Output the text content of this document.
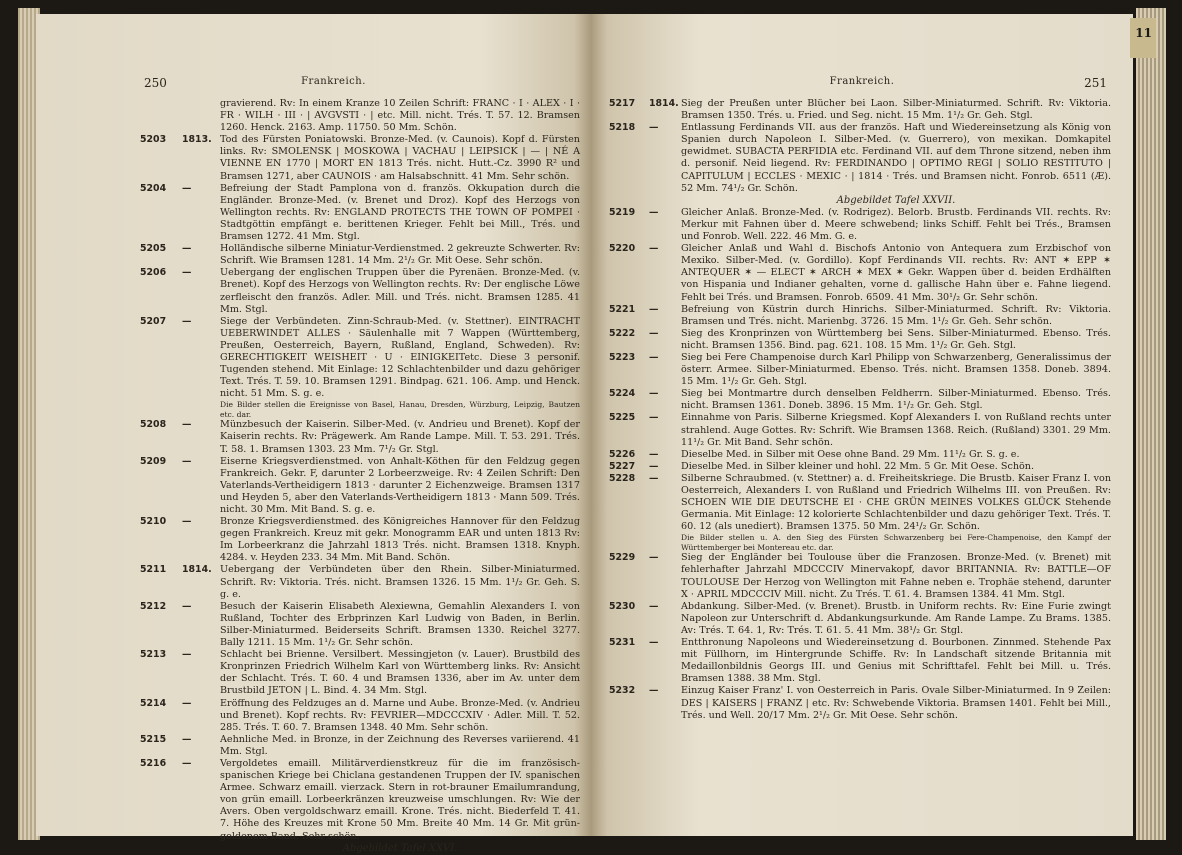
250	Frankreich.
gravierend. Rv: In einem Kranze 10 Zeilen Schrift: FRANC · I · ALEX · I · FR · WILH · III · | AVGVSTI · | etc. Mill. nicht. Trés. T. 57. 12. Bramsen 1260. Henck. 2163. Amp. 11750. 50 Mm. Schön.
5203 1813. Tod des Fürsten Poniatowski. Bronze-Med. (v. Caunois). Kopf d. Fürsten links. Rv: SMOLENSK | MOSKOWA | VACHAU | LEIPSICK | — | NÉ A VIENNE EN 1770 | MORT EN 1813 Trés. nicht. Hutt.-Cz. 3990 R² und Bramsen 1271, aber CAUNOIS · am Halsabschnitt. 41 Mm. Sehr schön.
5204 —	Befreiung der Stadt Pamplona von d. französ. Okkupation durch die Engländer. Bronze-Med. (v. Brenet und Droz). Kopf des Herzogs von Wellington rechts. Rv: ENGLAND PROTECTS THE TOWN OF POMPEI · Stadtgöttin empfängt e. berittenen Krieger. Fehlt bei Mill., Trés. und Bramsen 1272. 41 Mm. Stgl.
5205 —	Holländische silberne Miniatur-Verdienstmed. 2 gekreuzte Schwerter. Rv: Schrift. Wie Bramsen 1281. 14 Mm. 2¹/₂ Gr. Mit Oese. Sehr schön.
5206 —	Uebergang der englischen Truppen über die Pyrenäen. Bronze-Med. (v. Brenet). Kopf des Herzogs von Wellington rechts. Rv: Der englische Löwe zerfleischt den französ. Adler. Mill. und Trés. nicht. Bramsen 1285. 41 Mm. Stgl.
5207 —	Siege der Verbündeten. Zinn-Schraub-Med. (v. Stettner). EINTRACHT UEBERWINDET ALLES · Säulenhalle mit 7 Wappen (Württemberg, Preußen, Oesterreich, Bayern, Rußland, England, Schweden). Rv: GERECHTIGKEIT WEISHEIT · U · EINIGKEITetc. Diese 3 personif. Tugenden stehend. Mit Einlage: 12 Schlachtenbilder und dazu gehöriger Text. Trés. T. 59. 10. Bramsen 1291. Bindpag. 621. 106. Amp. und Henck. nicht. 51 Mm. S. g. e.
Die Bilder stellen die Ereignisse von Basel, Hanau, Dresden, Würzburg, Leipzig, Bautzen etc. dar.
5208 —	Münzbesuch der Kaiserin. Silber-Med. (v. Andrieu und Brenet). Kopf der Kaiserin rechts. Rv: Prägewerk. Am Rande Lampe. Mill. T. 53. 291. Trés. T. 58. 1. Bramsen 1303. 23 Mm. 7¹/₂ Gr. Stgl.
5209 —	Eiserne Kriegsverdienstmed. von Anhalt-Köthen für den Feldzug gegen Frankreich. Gekr. F, darunter 2 Lorbeerzweige. Rv: 4 Zeilen Schrift: Den Vaterlands-Vertheidigern 1813 · darunter 2 Eichenzweige. Bramsen 1317 und Heyden 5, aber den Vaterlands-Vertheidigern 1813 · Mann 509. Trés. nicht. 30 Mm. Mit Band. S. g. e.
5210 —	Bronze Kriegsverdienstmed. des Königreiches Hannover für den Feldzug gegen Frankreich. Kreuz mit gekr. Monogramm EAR und unten 1813 Rv: Im Lorbeerkranz die Jahrzahl 1813 Trés. nicht. Bramsen 1318. Knyph. 4284. v. Heyden 233. 34 Mm. Mit Band. Schön.
5211 1814. Uebergang der Verbündeten über den Rhein. Silber-Miniaturmed. Schrift. Rv: Viktoria. Trés. nicht. Bramsen 1326. 15 Mm. 1¹/₂ Gr. Geh. S. g. e.
5212 —	Besuch der Kaiserin Elisabeth Alexiewna, Gemahlin Alexanders I. von Rußland, Tochter des Erbprinzen Karl Ludwig von Baden, in Berlin. Silber-Miniaturmed. Beiderseits Schrift. Bramsen 1330. Reichel 3277. Bally 1211. 15 Mm. 1¹/₂ Gr. Sehr schön.
5213 —	Schlacht bei Brienne. Versilbert. Messingjeton (v. Lauer). Brustbild des Kronprinzen Friedrich Wilhelm Karl von Württemberg links. Rv: Ansicht der Schlacht. Trés. T. 60. 4 und Bramsen 1336, aber im Av. unter dem Brustbild JETON | L. Bind. 4. 34 Mm. Stgl.
5214 —	Eröffnung des Feldzuges an d. Marne und Aube. Bronze-Med. (v. Andrieu und Brenet). Kopf rechts. Rv: FEVRIER—MDCCCXIV · Adler. Mill. T. 52. 285. Trés. T. 60. 7. Bramsen 1348. 40 Mm. Sehr schön.
5215 —	Aehnliche Med. in Bronze, in der Zeichnung des Reverses variierend. 41 Mm. Stgl.
5216 —	Vergoldetes emaill. Militärverdienstkreuz für die im französisch-spanischen Kriege bei Chiclana gestandenen Truppen der IV. spanischen Armee. Schwarz emaill. vierzack. Stern in rot-brauner Emailumrandung, von grün emaill. Lorbeerkränzen kreuzweise umschlungen. Rv: Wie der Avers. Oben vergoldschwarz emaill. Krone. Trés. nicht. Biederfeld T. 41. 7. Höhe des Kreuzes mit Krone 50 Mm. Breite 40 Mm. 14 Gr. Mit grün-goldenem Band. Sehr schön.
Abgebildet Tafel XXVI.
Frankreich.	251
5217 1814. Sieg der Preußen unter Blücher bei Laon. Silber-Miniaturmed. Schrift. Rv: Viktoria. Bramsen 1350. Trés. u. Fried. und Seg. nicht. 15 Mm. 1¹/₂ Gr. Geh. Stgl.
5218 —	Entlassung Ferdinands VII. aus der französ. Haft und Wiedereinsetzung als König von Spanien durch Napoleon I. Silber-Med. (v. Guerrero), von mexikan. Domkapitel gewidmet. SUBACTA PERFIDIA etc. Ferdinand VII. auf dem Throne sitzend, neben ihm d. personif. Neid liegend. Rv: FERDINANDO | OPTIMO REGI | SOLIO RESTITUTO | CAPITULUM | ECCLES · MEXIC · | 1814 · Trés. und Bramsen nicht. Fonrob. 6511 (Æ). 52 Mm. 74¹/₂ Gr. Schön.
Abgebildet Tafel XXVII.
5219 —	Gleicher Anlaß. Bronze-Med. (v. Rodrigez). Belorb. Brustb. Ferdinands VII. rechts. Rv: Merkur mit Fahnen über d. Meere schwebend; links Schiff. Fehlt bei Trés., Bramsen und Fonrob. Well. 222. 46 Mm. G. e.
5220 —	Gleicher Anlaß und Wahl d. Bischofs Antonio von Antequera zum Erzbischof von Mexiko. Silber-Med. (v. Gordillo). Kopf Ferdinands VII. rechts. Rv: ANT ✶ EPP ✶ ANTEQUER ✶ — ELECT ✶ ARCH ✶ MEX ✶ Gekr. Wappen über d. beiden Erdhälften von Hispania und Indianer gehalten, vorne d. gallische Hahn über e. Fahne liegend. Fehlt bei Trés. und Bramsen. Fonrob. 6509. 41 Mm. 30¹/₂ Gr. Sehr schön.
5221 —	Befreiung von Küstrin durch Hinrichs. Silber-Miniaturmed. Schrift. Rv: Viktoria. Bramsen und Trés. nicht. Marienbg. 3726. 15 Mm. 1¹/₂ Gr. Geh. Sehr schön.
5222 —	Sieg des Kronprinzen von Württemberg bei Sens. Silber-Miniaturmed. Ebenso. Trés. nicht. Bramsen 1356. Bind. pag. 621. 108. 15 Mm. 1¹/₂ Gr. Geh. Stgl.
5223 —	Sieg bei Fere Champenoise durch Karl Philipp von Schwarzenberg, Generalissimus der österr. Armee. Silber-Miniaturmed. Ebenso. Trés. nicht. Bramsen 1358. Doneb. 3894. 15 Mm. 1¹/₂ Gr. Geh. Stgl.
5224 —	Sieg bei Montmartre durch denselben Feldherrn. Silber-Miniaturmed. Ebenso. Trés. nicht. Bramsen 1361. Doneb. 3896. 15 Mm. 1¹/₂ Gr. Geh. Stgl.
5225 —	Einnahme von Paris. Silberne Kriegsmed. Kopf Alexanders I. von Rußland rechts unter strahlend. Auge Gottes. Rv: Schrift. Wie Bramsen 1368. Reich. (Rußland) 3301. 29 Mm. 11¹/₂ Gr. Mit Band. Sehr schön.
5226 —	Dieselbe Med. in Silber mit Oese ohne Band. 29 Mm. 11¹/₂ Gr. S. g. e.
5227 —	Dieselbe Med. in Silber kleiner und hohl. 22 Mm. 5 Gr. Mit Oese. Schön.
5228 —	Silberne Schraubmed. (v. Stettner) a. d. Freiheitskriege. Die Brustb. Kaiser Franz I. von Oesterreich, Alexanders I. von Rußland und Friedrich Wilhelms III. von Preußen. Rv: SCHOEN WIE DIE DEUTSCHE EI · CHE GRÜN MEINES VOLKES GLÜCK Stehende Germania. Mit Einlage: 12 kolorierte Schlachtenbilder und dazu gehöriger Text. Trés. T. 60. 12 (als unediert). Bramsen 1375. 50 Mm. 24¹/₂ Gr. Schön.
Die Bilder stellen u. A. den Sieg des Fürsten Schwarzenberg bei Fere-Champenoise, den Kampf der Württemberger bei Montereau etc. dar.
5229 —	Sieg der Engländer bei Toulouse über die Franzosen. Bronze-Med. (v. Brenet) mit fehlerhafter Jahrzahl MDCCCIV Minervakopf, davor BRITANNIA. Rv: BATTLE—OF TOULOUSE Der Herzog von Wellington mit Fahne neben e. Trophäe stehend, darunter X · APRIL MDCCCIV Mill. nicht. Zu Trés. T. 61. 4. Bramsen 1384. 41 Mm. Stgl.
5230 —	Abdankung. Silber-Med. (v. Brenet). Brustb. in Uniform rechts. Rv: Eine Furie zwingt Napoleon zur Unterschrift d. Abdankungsurkunde. Am Rande Lampe. Zu Brams. 1385. Av: Trés. T. 64. 1, Rv: Trés. T. 61. 5. 41 Mm. 38¹/₂ Gr. Stgl.
5231 —	Entthronung Napoleons und Wiedereinsetzung d. Bourbonen. Zinnmed. Stehende Pax mit Füllhorn, im Hintergrunde Schiffe. Rv: In Landschaft sitzende Britannia mit Medaillonbildnis Georgs III. und Genius mit Schrifttafel. Fehlt bei Mill. u. Trés. Bramsen 1388. 38 Mm. Stgl.
5232 —	Einzug Kaiser Franz' I. von Oesterreich in Paris. Ovale Silber-Miniaturmed. In 9 Zeilen: DES | KAISERS | FRANZ | etc. Rv: Schwebende Viktoria. Bramsen 1401. Fehlt bei Mill., Trés. und Well. 20/17 Mm. 2¹/₂ Gr. Mit Oese. Sehr schön.
11
